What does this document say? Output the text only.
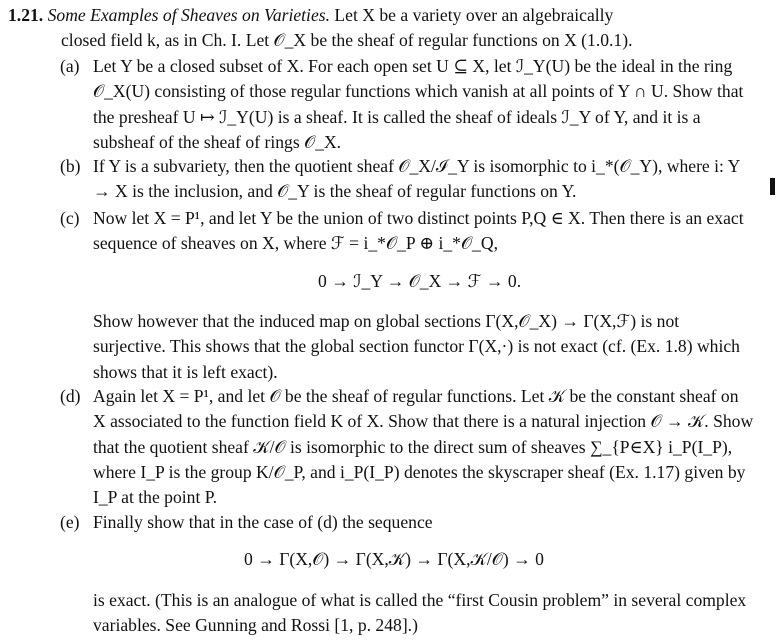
1.21. Some Examples of Sheaves on Varieties. Let X be a variety over an algebraically
closed field k, as in Ch. I. Let 𝒪_X be the sheaf of regular functions on X (1.0.1).

(a) Let Y be a closed subset of X. For each open set U ⊆ X, let ℐ_Y(U) be the ideal in the ring 𝒪_X(U) consisting of those regular functions which vanish at all points of Y ∩ U. Show that the presheaf U ↦ ℐ_Y(U) is a sheaf. It is called the sheaf of ideals ℐ_Y of Y, and it is a subsheaf of the sheaf of rings 𝒪_X.
(b) If Y is a subvariety, then the quotient sheaf 𝒪_X/ℐ_Y is isomorphic to i_*(𝒪_Y), where i: Y → X is the inclusion, and 𝒪_Y is the sheaf of regular functions on Y.
(c) Now let X = P¹, and let Y be the union of two distinct points P,Q ∈ X. Then there is an exact sequence of sheaves on X, where ℱ = i_*𝒪_P ⊕ i_*𝒪_Q,
0 → ℐ_Y → 𝒪_X → ℱ → 0.
Show however that the induced map on global sections Γ(X,𝒪_X) → Γ(X,ℱ) is not surjective. This shows that the global section functor Γ(X,·) is not exact (cf. (Ex. 1.8) which shows that it is left exact).
(d) Again let X = P¹, and let 𝒪 be the sheaf of regular functions. Let 𝒦 be the constant sheaf on X associated to the function field K of X. Show that there is a natural injection 𝒪 → 𝒦. Show that the quotient sheaf 𝒦/𝒪 is isomorphic to the direct sum of sheaves ∑_{P∈X} i_P(I_P), where I_P is the group K/𝒪_P, and i_P(I_P) denotes the skyscraper sheaf (Ex. 1.17) given by I_P at the point P.
(e) Finally show that in the case of (d) the sequence
0 → Γ(X,𝒪) → Γ(X,𝒦) → Γ(X,𝒦/𝒪) → 0
is exact. (This is an analogue of what is called the “first Cousin problem” in several complex variables. See Gunning and Rossi [1, p. 248].)
